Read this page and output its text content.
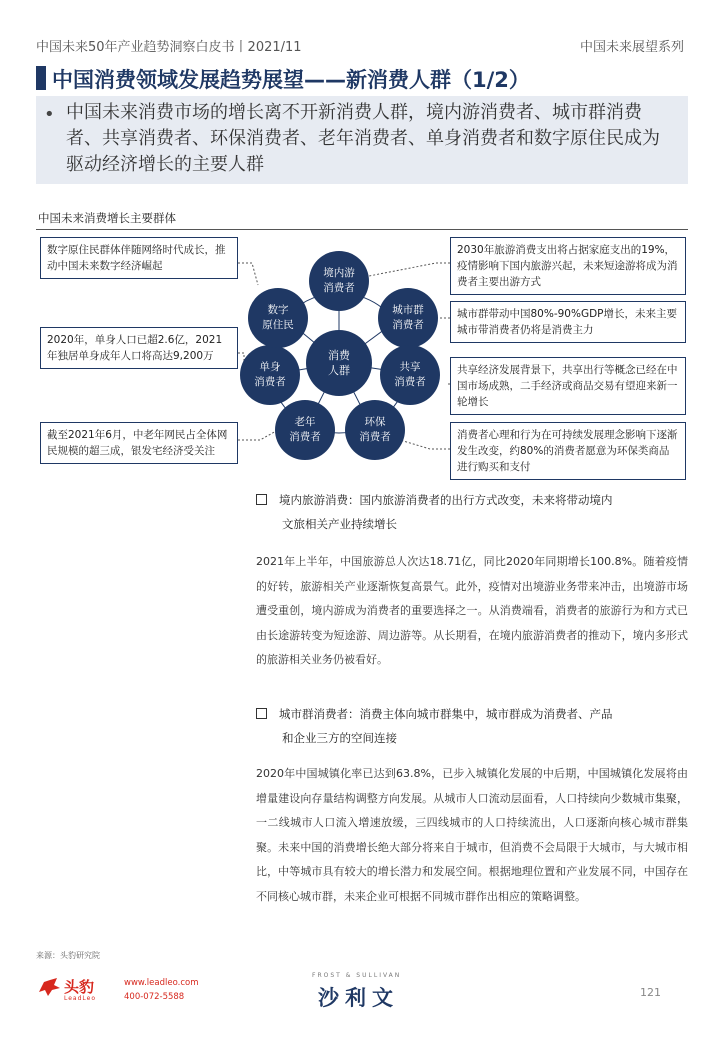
中国未来50年产业趋势洞察白皮书丨2021/11	中国未来展望系列
中国消费领域发展趋势展望——新消费人群（1/2）
• 中国未来消费市场的增长离不开新消费人群，境内游消费者、城市群消费者、共享消费者、环保消费者、老年消费者、单身消费者和数字原住民成为驱动经济增长的主要人群
中国未来消费增长主要群体
数字原住民群体伴随网络时代成长，推动中国未来数字经济崛起
2020年，单身人口已超2.6亿，2021年独居单身成年人口将高达9,200万
截至2021年6月，中老年网民占全体网民规模的超三成，银发宅经济受关注
2030年旅游消费支出将占据家庭支出的19%，疫情影响下国内旅游兴起，未来短途游将成为消费者主要出游方式
城市群带动中国80%-90%GDP增长，未来主要城市带消费者仍将是消费主力
共享经济发展背景下，共享出行等概念已经在中国市场成熟，二手经济或商品交易有望迎来新一轮增长
消费者心理和行为在可持续发展理念影响下逐渐发生改变，约80%的消费者愿意为环保类商品进行购买和支付
消费
人群
境内游
消费者
城市群
消费者
共享
消费者
环保
消费者
老年
消费者
单身
消费者
数字
原住民
境内旅游消费：国内旅游消费者的出行方式改变，未来将带动境内
文旅相关产业持续增长
2021年上半年，中国旅游总人次达18.71亿，同比2020年同期增长100.8%。随着疫情的好转，旅游相关产业逐渐恢复高景气。此外，疫情对出境游业务带来冲击，出境游市场遭受重创，境内游成为消费者的重要选择之一。从消费端看，消费者的旅游行为和方式已由长途游转变为短途游、周边游等。从长期看，在境内旅游消费者的推动下，境内多形式的旅游相关业务仍被看好。
城市群消费者：消费主体向城市群集中，城市群成为消费者、产品
和企业三方的空间连接
2020年中国城镇化率已达到63.8%，已步入城镇化发展的中后期，中国城镇化发展将由增量建设向存量结构调整方向发展。从城市人口流动层面看，人口持续向少数城市集聚，一二线城市人口流入增速放缓，三四线城市的人口持续流出，人口逐渐向核心城市群集聚。未来中国的消费增长绝大部分将来自于城市，但消费不会局限于大城市，与大城市相比，中等城市具有较大的增长潜力和发展空间。根据地理位置和产业发展不同，中国存在不同核心城市群，未来企业可根据不同城市群作出相应的策略调整。
来源：头豹研究院
头豹
LeadLeo
www.leadleo.com
400-072-5588
FROST & SULLIVAN
沙利文	121
